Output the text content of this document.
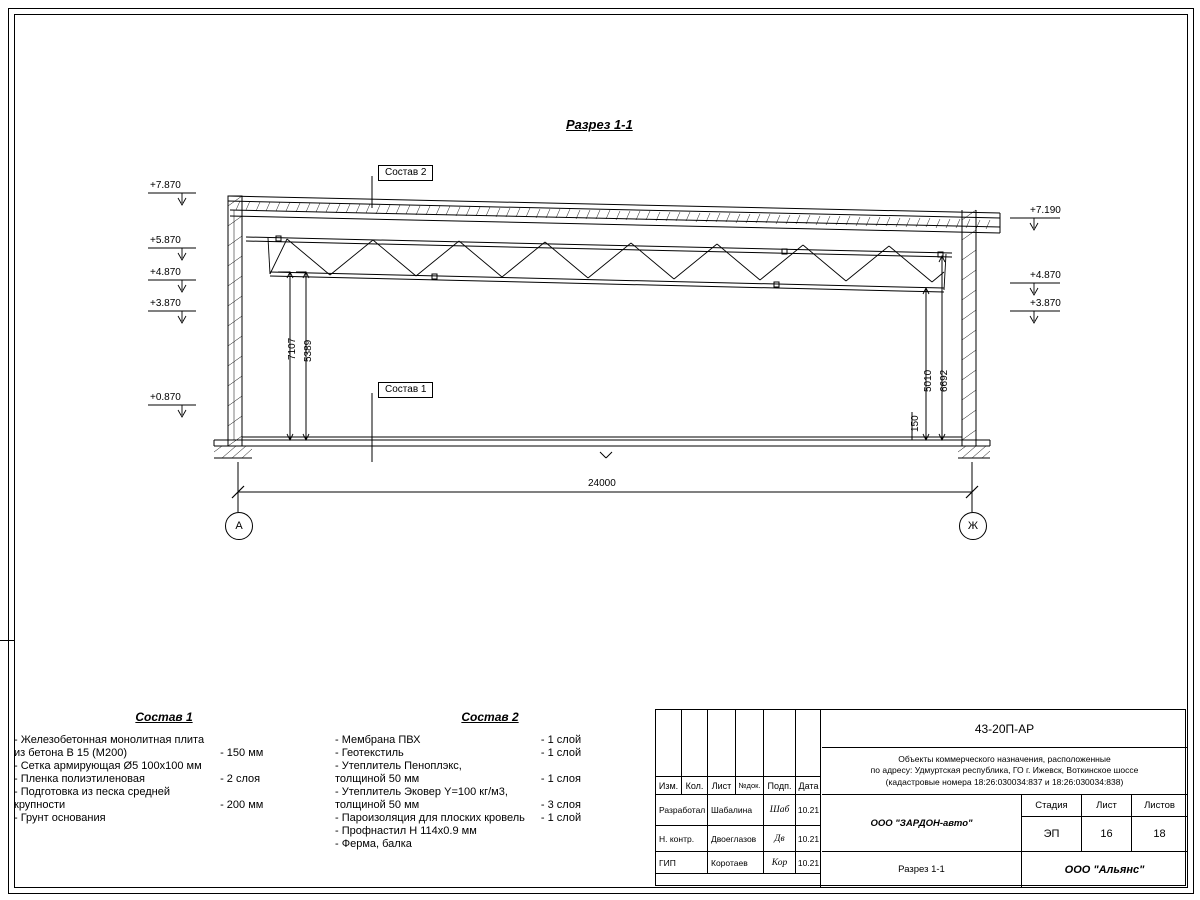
Разрез 1-1
+7.870
+5.870
+4.870
+3.870
+0.870
+7.190
+4.870
+3.870
Состав 2
Состав 1
7107 5389
5010 6692
150
24000
А	Ж
Состав 1
- Железобетонная монолитная плита	
из бетона В 15 (М200)	- 150 мм
- Сетка армирующая Ø5 100х100 мм	
- Пленка полиэтиленовая	- 2 слоя
- Подготовка из песка средней	
крупности	- 200 мм
- Грунт основания	
Состав 2
- Мембрана ПВХ	- 1 слой
- Геотекстиль	- 1 слой
- Утеплитель Пеноплэкс,	
толщиной 50 мм	- 1 слоя
- Утеплитель Эковер Y=100 кг/м3,	
толщиной 50 мм	- 3 слоя
- Пароизоляция для плоских кровель	- 1 слой
- Профнастил Н 114х0.9 мм	
- Ферма, балка	
Изм. Кол. Лист №док. Подп. Дата
Разработал Шабалина	Шаб	10.21
Н. контр.	Двоеглазов	Дв	10.21
ГИП	Коротаев	Кор	10.21
43-20П-АР
Объекты коммерческого назначения, расположенные
по адресу: Удмуртская республика, ГО г. Ижевск, Воткинское шоссе
(кадастровые номера 18:26:030034:837 и 18:26:030034:838)
ООО "ЗАРДОН-авто"
Разрез 1-1
Стадия	Лист	Листов
ЭП	16	18
ООО "Альянс"
